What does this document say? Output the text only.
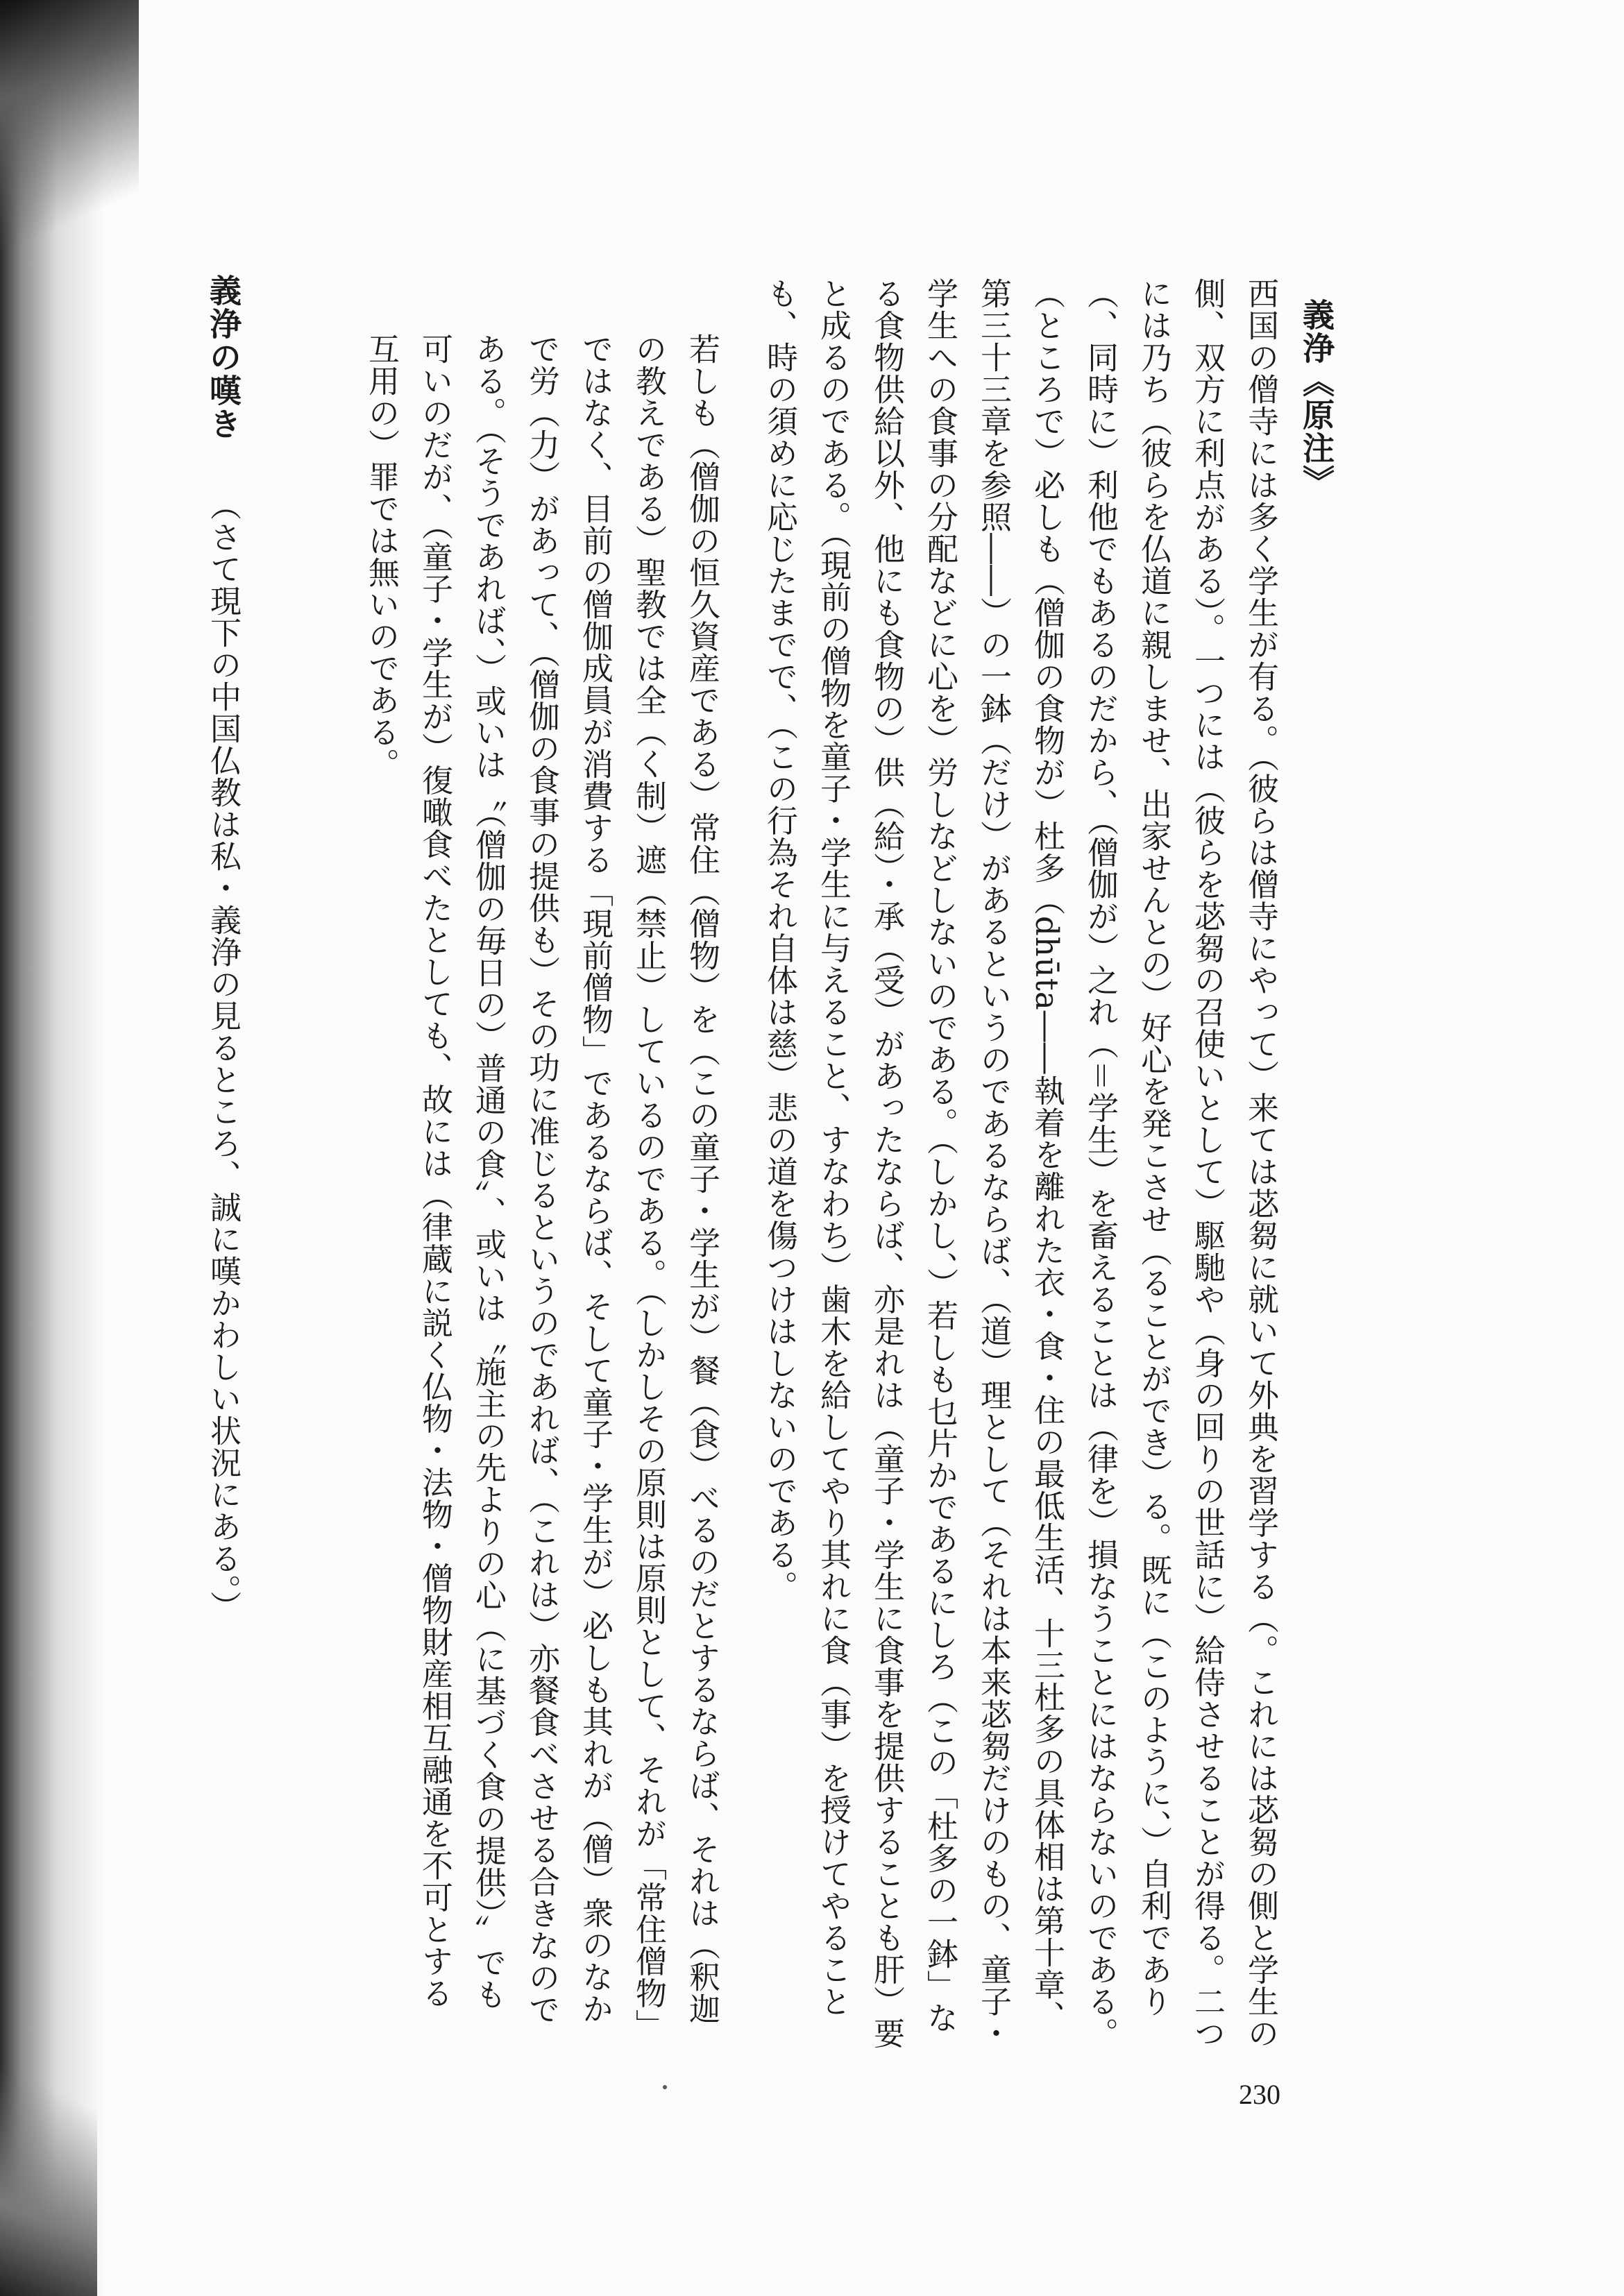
義浄《原注》

西国の僧寺には多く学生が有る。（彼らは僧寺にやって）来ては苾芻に就いて外典を習学する（。これには苾芻の側と学生の側、双方に利点がある）。一つには（彼らを苾芻の召使いとして）駆馳や（身の回りの世話に）給侍させることが得る。二つには乃ち（彼らを仏道に親しませ、出家せんとの）好心を発こさせ（ることができ）る。既に（このように、）自利であり（、同時に）利他でもあるのだから、（僧伽が）之れ（＝学生）を畜えることは（律を）損なうことにはならないのである。（ところで）必しも（僧伽の食物が）杜多（dhūta――執着を離れた衣・食・住の最低生活、十三杜多の具体相は第十章、第三十三章を参照――）の一鉢（だけ）があるというのであるならば、（道）理として（それは本来苾芻だけのもの、童子・学生への食事の分配などに心を）労しなどしないのである。（しかし、）若しも乜片かであるにしろ（この「杜多の一鉢」なる食物供給以外、他にも食物の）供（給）・承（受）があったならば、亦是れは（童子・学生に食事を提供することも肝）要と成るのである。（現前の僧物を童子・学生に与えること、すなわち）歯木を給してやり其れに食（事）を授けてやることも、時の須めに応じたまでで、（この行為それ自体は慈）悲の道を傷つけはしないのである。

若しも（僧伽の恒久資産である）常住（僧物）を（この童子・学生が）餐（食）べるのだとするならば、それは（釈迦の教えである）聖教では全（く制）遮（禁止）しているのである。（しかしその原則は原則として、それが「常住僧物」ではなく、目前の僧伽成員が消費する「現前僧物」であるならば、そして童子・学生が）必しも其れが（僧）衆のなかで労（力）があって、（僧伽の食事の提供も）その功に准じるというのであれば、（これは）亦餐食べさせる合きなのである。（そうであれば、）或いは〝（僧伽の毎日の）普通の食〟、或いは〝施主の先よりの心（に基づく食の提供）〟でも可いのだが、（童子・学生が）復噉食べたとしても、故には（律蔵に説く仏物・法物・僧物財産相互融通を不可とする互用の）罪では無いのである。

義浄の嘆き
（さて現下の中国仏教は私・義浄の見るところ、誠に嘆かわしい状況にある。）
230
